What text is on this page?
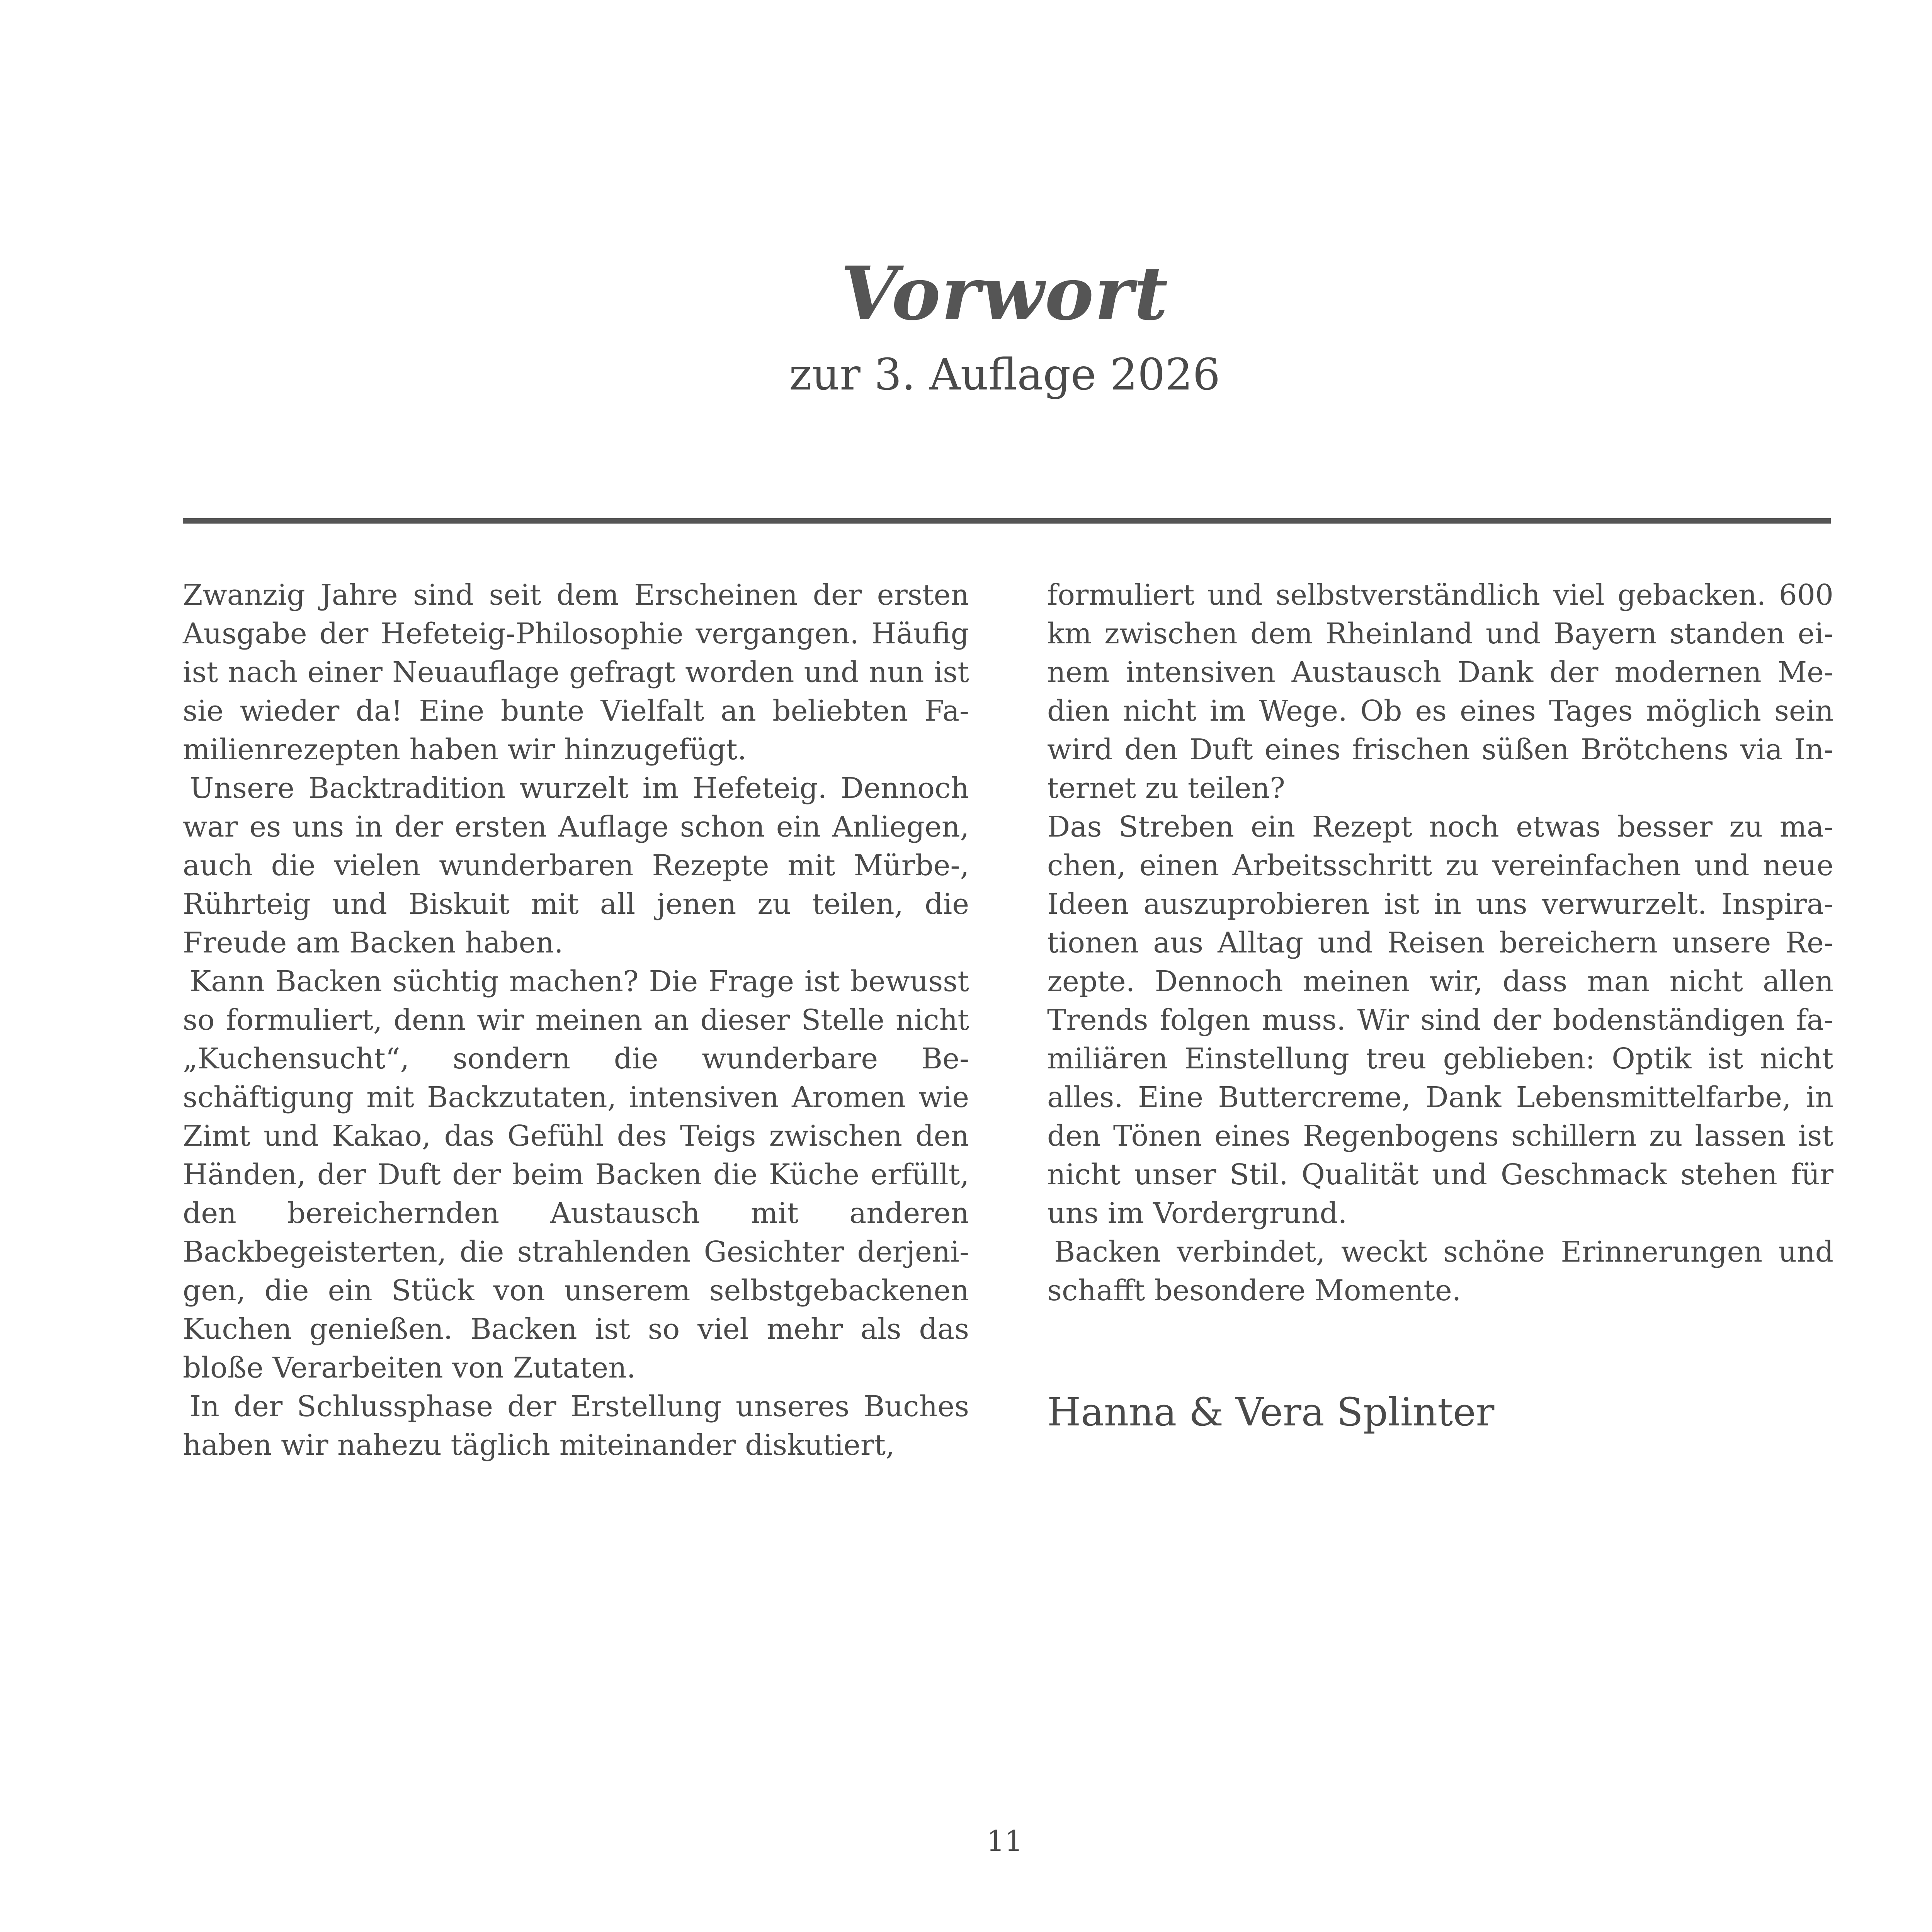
Vorwort
zur 3. Auflage 2026

Zwanzig Jahre sind seit dem Erscheinen der ersten Ausgabe der Hefeteig-Philosophie vergangen. Häufig ist nach einer Neuauflage gefragt worden und nun ist sie wieder da! Eine bunte Vielfalt an beliebten Familienrezepten haben wir hinzugefügt.

Unsere Backtradition wurzelt im Hefeteig. Dennoch war es uns in der ersten Auflage schon ein Anliegen, auch die vielen wunderbaren Rezepte mit Mürbe-, Rührteig und Biskuit mit all jenen zu teilen, die Freude am Backen haben.

Kann Backen süchtig machen? Die Frage ist bewusst so formuliert, denn wir meinen an dieser Stelle nicht „Kuchensucht“, sondern die wunderbare Beschäftigung mit Backzutaten, intensiven Aromen wie Zimt und Kakao, das Gefühl des Teigs zwischen den Händen, der Duft der beim Backen die Küche erfüllt, den bereichernden Austausch mit anderen Backbegeisterten, die strahlenden Gesichter derjenigen, die ein Stück von unserem selbstgebackenen Kuchen genießen. Backen ist so viel mehr als das bloße Verarbeiten von Zutaten.

In der Schlussphase der Erstellung unseres Buches haben wir nahezu täglich miteinander diskutiert,

formuliert und selbstverständlich viel gebacken. 600 km zwischen dem Rheinland und Bayern standen einem intensiven Austausch Dank der modernen Medien nicht im Wege. Ob es eines Tages möglich sein wird den Duft eines frischen süßen Brötchens via Internet zu teilen?

Das Streben ein Rezept noch etwas besser zu machen, einen Arbeitsschritt zu vereinfachen und neue Ideen auszuprobieren ist in uns verwurzelt. Inspirationen aus Alltag und Reisen bereichern unsere Rezepte. Dennoch meinen wir, dass man nicht allen Trends folgen muss. Wir sind der bodenständigen familiären Einstellung treu geblieben: Optik ist nicht alles. Eine Buttercreme, Dank Lebensmittelfarbe, in den Tönen eines Regenbogens schillern zu lassen ist nicht unser Stil. Qualität und Geschmack stehen für uns im Vordergrund.

Backen verbindet, weckt schöne Erinnerungen und schafft besondere Momente.

Hanna & Vera Splinter
11
